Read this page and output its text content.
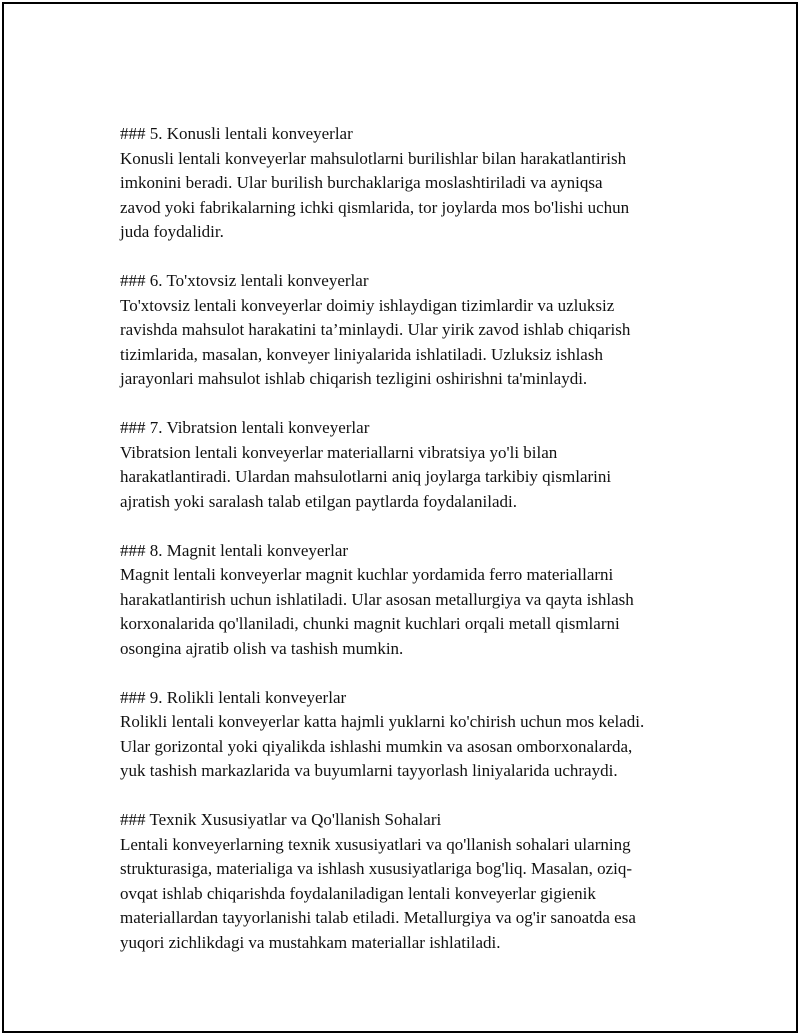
### 5. Konusli lentali konveyerlar

Konusli lentali konveyerlar mahsulotlarni burilishlar bilan harakatlantirish
imkonini beradi. Ular burilish burchaklariga moslashtiriladi va ayniqsa
zavod yoki fabrikalarning ichki qismlarida, tor joylarda mos bo'lishi uchun
juda foydalidir.

### 6. To'xtovsiz lentali konveyerlar

To'xtovsiz lentali konveyerlar doimiy ishlaydigan tizimlardir va uzluksiz
ravishda mahsulot harakatini ta’minlaydi. Ular yirik zavod ishlab chiqarish
tizimlarida, masalan, konveyer liniyalarida ishlatiladi. Uzluksiz ishlash
jarayonlari mahsulot ishlab chiqarish tezligini oshirishni ta'minlaydi.

### 7. Vibratsion lentali konveyerlar

Vibratsion lentali konveyerlar materiallarni vibratsiya yo'li bilan
harakatlantiradi. Ulardan mahsulotlarni aniq joylarga tarkibiy qismlarini
ajratish yoki saralash talab etilgan paytlarda foydalaniladi.

### 8. Magnit lentali konveyerlar

Magnit lentali konveyerlar magnit kuchlar yordamida ferro materiallarni
harakatlantirish uchun ishlatiladi. Ular asosan metallurgiya va qayta ishlash
korxonalarida qo'llaniladi, chunki magnit kuchlari orqali metall qismlarni
osongina ajratib olish va tashish mumkin.

### 9. Rolikli lentali konveyerlar

Rolikli lentali konveyerlar katta hajmli yuklarni ko'chirish uchun mos keladi.
Ular gorizontal yoki qiyalikda ishlashi mumkin va asosan omborxonalarda,
yuk tashish markazlarida va buyumlarni tayyorlash liniyalarida uchraydi.

### Texnik Xususiyatlar va Qo'llanish Sohalari

Lentali konveyerlarning texnik xususiyatlari va qo'llanish sohalari ularning
strukturasiga, materialiga va ishlash xususiyatlariga bog'liq. Masalan, oziq-
ovqat ishlab chiqarishda foydalaniladigan lentali konveyerlar gigienik
materiallardan tayyorlanishi talab etiladi. Metallurgiya va og'ir sanoatda esa
yuqori zichlikdagi va mustahkam materiallar ishlatiladi.
